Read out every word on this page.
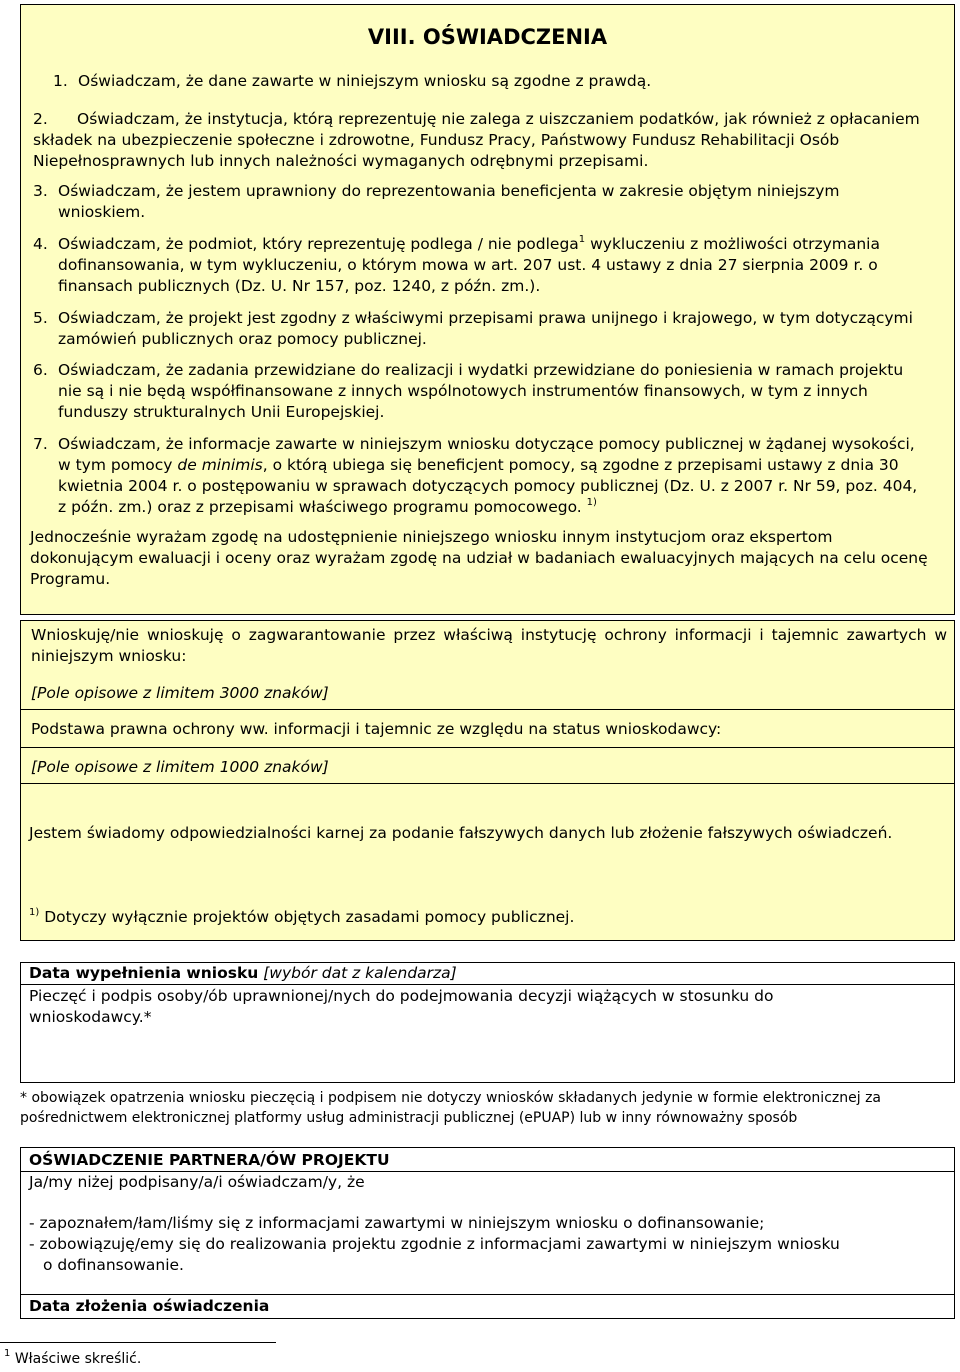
VIII. OŚWIADCZENIA
1. Oświadczam, że dane zawarte w niniejszym wniosku są zgodne z prawdą.

2.	Oświadczam, że instytucja, którą reprezentuję nie zalega z uiszczaniem podatków, jak również z opłacaniem składek na ubezpieczenie społeczne i zdrowotne, Fundusz Pracy, Państwowy Fundusz Rehabilitacji Osób Niepełnosprawnych lub innych należności wymaganych odrębnymi przepisami.

3. Oświadczam, że jestem uprawniony do reprezentowania beneficjenta w zakresie objętym niniejszym wnioskiem.

4. Oświadczam, że podmiot, który reprezentuję podlega / nie podlega$^1$ wykluczeniu z możliwości otrzymania dofinansowania, w tym wykluczeniu, o którym mowa w art. 207 ust. 4 ustawy z dnia 27 sierpnia 2009 r. o finansach publicznych (Dz. U. Nr 157, poz. 1240, z późn. zm.).

5. Oświadczam, że projekt jest zgodny z właściwymi przepisami prawa unijnego i krajowego, w tym dotyczącymi zamówień publicznych oraz pomocy publicznej.

6. Oświadczam, że zadania przewidziane do realizacji i wydatki przewidziane do poniesienia w ramach projektu nie są i nie będą współfinansowane z innych wspólnotowych instrumentów finansowych, w tym z innych funduszy strukturalnych Unii Europejskiej.

7. Oświadczam, że informacje zawarte w niniejszym wniosku dotyczące pomocy publicznej w żądanej wysokości, w tym pomocy de minimis, o którą ubiega się beneficjent pomocy, są zgodne z przepisami ustawy z dnia 30 kwietnia 2004 r. o postępowaniu w sprawach dotyczących pomocy publicznej (Dz. U. z 2007 r. Nr 59, poz. 404, z późn. zm.) oraz z przepisami właściwego programu pomocowego. $^{1)}$

Jednocześnie wyrażam zgodę na udostępnienie niniejszego wniosku innym instytucjom oraz ekspertom dokonującym ewaluacji i oceny oraz wyrażam zgodę na udział w badaniach ewaluacyjnych mających na celu ocenę Programu.

Wnioskuję/nie wnioskuję o zagwarantowanie przez właściwą instytucję ochrony informacji i tajemnic zawartych w niniejszym wniosku:

[Pole opisowe z limitem 3000 znaków]
Podstawa prawna ochrony ww. informacji i tajemnic ze względu na status wnioskodawcy:
[Pole opisowe z limitem 1000 znaków]

Jestem świadomy odpowiedzialności karnej za podanie fałszywych danych lub złożenie fałszywych oświadczeń.

$^{1)}$ Dotyczy wyłącznie projektów objętych zasadami pomocy publicznej.
Data wypełnienia wniosku [wybór dat z kalendarza]

Pieczęć i podpis osoby/ób uprawnionej/nych do podejmowania decyzji wiążących w stosunku do wnioskodawcy.*

* obowiązek opatrzenia wniosku pieczęcią i podpisem nie dotyczy wniosków składanych jedynie w formie elektronicznej za pośrednictwem elektronicznej platformy usług administracji publicznej (ePUAP) lub w inny równoważny sposób

OŚWIADCZENIE PARTNERA/ÓW PROJEKTU
Ja/my niżej podpisany/a/i oświadczam/y, że
- zapoznałem/łam/liśmy się z informacjami zawartymi w niniejszym wniosku o dofinansowanie;
- zobowiązuję/emy się do realizowania projektu zgodnie z informacjami zawartymi w niniejszym wniosku
o dofinansowanie.
Data złożenia oświadczenia
$^1$ Właściwe skreślić.
